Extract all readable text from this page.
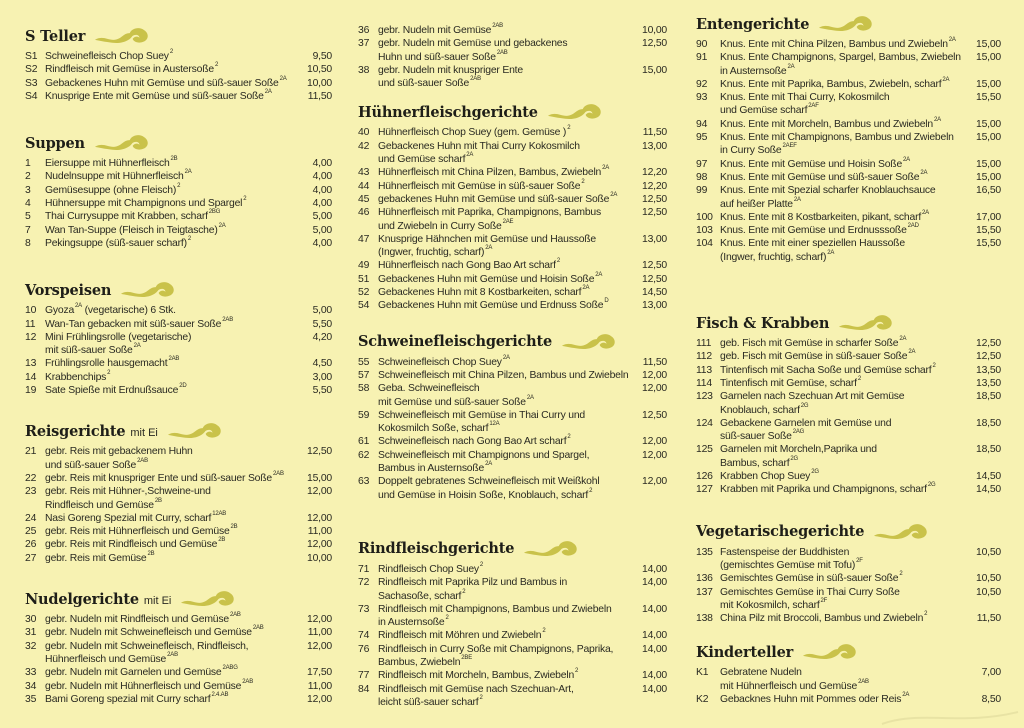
S Teller
S1 Schweinefleisch Chop Suey$^2$	9,50
S2 Rindfleisch mit Gemüse in Austersoße$^2$	10,50
S3 Gebackenes Huhn mit Gemüse und süß-sauer Soße$^{2A}$	10,00
S4 Knusprige Ente mit Gemüse und süß-sauer Soße$^{2A}$	11,50
Suppen
1	Eiersuppe mit Hühnerfleisch$^{2B}$	4,00
2	Nudelnsuppe mit Hühnerfleisch$^{2A}$	4,00
3	Gemüsesuppe (ohne Fleisch)$^2$	4,00
4	Hühnersuppe mit Champignons und Spargel$^2$	4,00
5	Thai Currysuppe mit Krabben, scharf$^{2BG}$	5,00
7	Wan Tan-Suppe (Fleisch in Teigtasche)$^{2A}$	5,00
8	Pekingsuppe (süß-sauer scharf)$^2$	4,00
Vorspeisen
10 Gyoza$^{2A}$ (vegetarische) 6 Stk.	5,00
11 Wan-Tan gebacken mit süß-sauer Soße$^{2AB}$	5,50
12 Mini Frühlingsrolle (vegetarische)
mit süß-sauer Soße$^{2A}$
4,20
13 Frühlingsrolle hausgemacht$^{2AB}$	4,50
14 Krabbenchips$^2$	3,00
19 Sate Spieße mit Erdnußsauce$^{2D}$	5,50
Reisgerichte mit Ei
21 gebr. Reis mit gebackenem Huhn
und süß-sauer Soße$^{2AB}$
12,50
22 gebr. Reis mit knuspriger Ente und süß-sauer Soße$^{2AB}$	15,00
23 gebr. Reis mit Hühner-,Schweine-und
Rindfleisch und Gemüse$^{2B}$
12,00
24 Nasi Goreng Spezial mit Curry, scharf$^{12AB}$	12,00
25 gebr. Reis mit Hühnerfleisch und Gemüse$^{2B}$	11,00
26 gebr. Reis mit Rindfleisch und Gemüse$^{2B}$	12,00
27 gebr. Reis mit Gemüse$^{2B}$	10,00
Nudelgerichte mit Ei
30 gebr. Nudeln mit Rindfleisch und Gemüse$^{2AB}$	12,00
31 gebr. Nudeln mit Schweinefleisch und Gemüse$^{2AB}$	11,00
32 gebr. Nudeln mit Schweinefleisch, Rindfleisch,
Hühnerfleisch und Gemüse$^{2AB}$
12,00
33 gebr. Nudeln mit Garnelen und Gemüse$^{2ABG}$	17,50
34 gebr. Nudeln mit Hühnerfleisch und Gemüse$^{2AB}$	11,00
35 Bami Goreng spezial mit Curry scharf$^{2.4.AB}$	12,00
36 gebr. Nudeln mit Gemüse$^{2AB}$	10,00
37 gebr. Nudeln mit Gemüse und gebackenes
Huhn und süß-sauer Soße$^{2AB}$
12,50
38 gebr. Nudeln mit knuspriger Ente
und süß-sauer Soße$^{2AB}$
15,00
Hühnerfleischgerichte
40 Hühnerfleisch Chop Suey (gem. Gemüse )$^2$	11,50
42 Gebackenes Huhn mit Thai Curry Kokosmilch
und Gemüse scharf$^{2A}$
13,00
43 Hühnerfleisch mit China Pilzen, Bambus, Zwiebeln$^{2A}$	12,20
44 Hühnerfleisch mit Gemüse in süß-sauer Soße$^2$	12,20
45 gebackenes Huhn mit Gemüse und süß-sauer Soße$^{2A}$	12,50
46 Hühnerfleisch mit Paprika, Champignons, Bambus
und Zwiebeln in Curry Soße$^{2AE}$
12,50
47 Knusprige Hähnchen mit Gemüse und Haussoße
(Ingwer, fruchtig, scharf)$^{2A}$
13,00
49 Hühnerfleisch nach Gong Bao Art scharf$^2$	12,50
51 Gebackenes Huhn mit Gemüse und Hoisin Soße$^{2A}$	12,50
52 Gebackenes Huhn mit 8 Kostbarkeiten, scharf$^{2A}$	14,50
54 Gebackenes Huhn mit Gemüse und Erdnuss Soße$^D$	13,00
Schweinefleischgerichte
55 Schweinefleisch Chop Suey$^{2A}$	11,50
57 Schweinefleisch mit China Pilzen, Bambus und Zwiebeln	12,00
58 Geba. Schweinefleisch
mit Gemüse und süß-sauer Soße$^{2A}$
12,00
59 Schweinefleisch mit Gemüse in Thai Curry und
Kokosmilch Soße, scharf$^{12A}$
12,50
61 Schweinefleisch nach Gong Bao Art scharf$^2$	12,00
62 Schweinefleisch mit Champignons und Spargel,
Bambus in Austernsoße$^{2A}$
12,00
63 Doppelt gebratenes Schweinefleisch mit Weißkohl
und Gemüse in Hoisin Soße, Knoblauch, scharf$^2$
12,00
Rindfleischgerichte
71 Rindfleisch Chop Suey$^2$	14,00
72 Rindfleisch mit Paprika Pilz und Bambus in
Sachasoße, scharf$^2$
14,00
73 Rindfleisch mit Champignons, Bambus und Zwiebeln
in Austernsoße$^2$
14,00
74 Rindfleisch mit Möhren und Zwiebeln$^2$	14,00
76 Rindfleisch in Curry Soße mit Champignons, Paprika,
Bambus, Zwiebeln$^{2BE}$
14,00
77 Rindfleisch mit Morcheln, Bambus, Zwiebeln$^2$	14,00
84 Rindfleisch mit Gemüse nach Szechuan-Art,
leicht süß-sauer scharf$^2$
14,00
Entengerichte
90	Knus. Ente mit China Pilzen, Bambus und Zwiebeln$^{2A}$	15,00
91	Knus. Ente Champignons, Spargel, Bambus, Zwiebeln
in Austernsoße$^{2A}$
15,00
92	Knus. Ente mit Paprika, Bambus, Zwiebeln, scharf$^{2A}$	15,00
93	Knus. Ente mit Thai Curry, Kokosmilch
und Gemüse scharf$^{2AF}$
15,50
94	Knus. Ente mit Morcheln, Bambus und Zwiebeln$^{2A}$	15,00
95	Knus. Ente mit Champignons, Bambus und Zwiebeln
in Curry Soße$^{2AEF}$
15,00
97	Knus. Ente mit Gemüse und Hoisin Soße$^{2A}$	15,00
98	Knus. Ente mit Gemüse und süß-sauer Soße$^{2A}$	15,00
99	Knus. Ente mit Spezial scharfer Knoblauchsauce
auf heißer Platte$^{2A}$
16,50
100 Knus. Ente mit 8 Kostbarkeiten, pikant, scharf$^{2A}$	17,00
103 Knus. Ente mit Gemüse und Erdnusssoße$^{2AD}$	15,50
104 Knus. Ente mit einer speziellen Haussoße
(Ingwer, fruchtig, scharf)$^{2A}$
15,50
Fisch & Krabben
111 geb. Fisch mit Gemüse in scharfer Soße$^{2A}$	12,50
112 geb. Fisch mit Gemüse in süß-sauer Soße$^{2A}$	12,50
113 Tintenfisch mit Sacha Soße und Gemüse scharf$^2$	13,50
114 Tintenfisch mit Gemüse, scharf$^2$	13,50
123 Garnelen nach Szechuan Art mit Gemüse
Knoblauch, scharf$^{2G}$
18,50
124 Gebackene Garnelen mit Gemüse und
süß-sauer Soße$^{2AG}$
18,50
125 Garnelen mit Morcheln,Paprika und
Bambus, scharf$^{2G}$
18,50
126 Krabben Chop Suey$^{2G}$	14,50
127 Krabben mit Paprika und Champignons, scharf$^{2G}$	14,50
Vegetarischegerichte
135 Fastenspeise der Buddhisten
(gemischtes Gemüse mit Tofu)$^{2F}$
10,50
136 Gemischtes Gemüse in süß-sauer Soße$^2$	10,50
137 Gemischtes Gemüse in Thai Curry Soße
mit Kokosmilch, scharf$^{2F}$
10,50
138 China Pilz mit Broccoli, Bambus und Zwiebeln$^2$	11,50
Kinderteller
K1	Gebratene Nudeln
mit Hühnerfleisch und Gemüse$^{2AB}$
7,00
K2	Gebacknes Huhn mit Pommes oder Reis$^{2A}$	8,50
